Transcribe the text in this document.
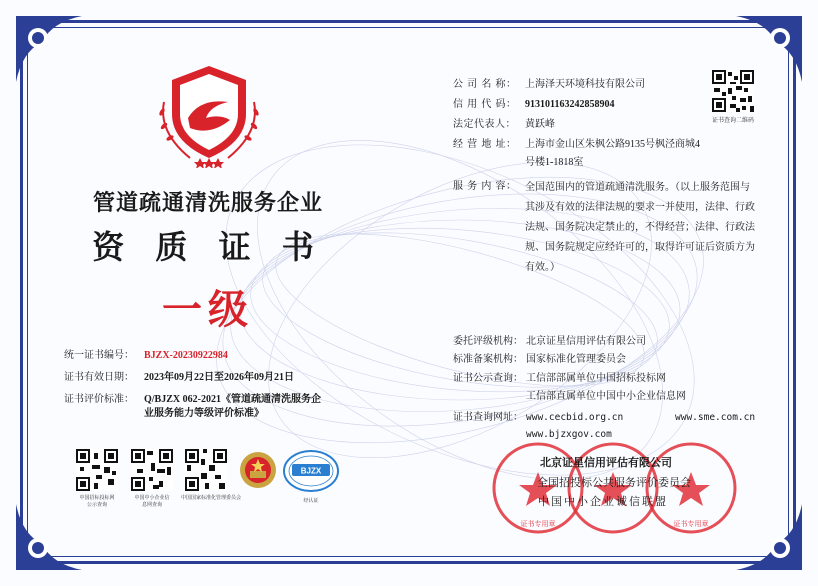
管道疏通清洗服务企业
资 质 证 书
一级
公 司 名 称： 上海泽天环境科技有限公司
信 用 代 码： 91310116324285890​4
法定代表人： 黄跃峰
经 营 地 址： 上海市金山区朱枫公路9135号枫泾商城4
号楼1-1818室
服 务 内 容： 全国范围内的管道疏通清洗服务。（以上服务范围与其涉及有效的法律法规的要求一并使用，法律、行政法规、国务院决定禁止的，不得经营；法律、行政法规、国务院规定应经许可的，取得许可证后资质方为有效。）
证书查询二维码
统一证书编号： BJZX-20230922984
证书有效日期： 2023年09月22日至2026年09月21日
证书评价标准： Q/BJZX 062-2021《管道疏通清洗服务企
业服务能力等级评价标准》
委托评级机构： 北京证星信用评估有限公司
标准备案机构： 国家标准化管理委员会
证书公示查询： 工信部部属单位中国招标投标网
工信部直属单位中国中小企业信息网
证书查询网址： www.cecbid.org.cn	www.sme.com.cn
www.bjzxgov.com
中国招标投标网
公示查询
中国中小企业信
息网查询
中国国家标准化管理委员会
BJZX
经认证
证书专用章	证书专用章
北京证星信用评估有限公司
全国招投标公共服务评价委员会
中国中小企业诚信联盟
